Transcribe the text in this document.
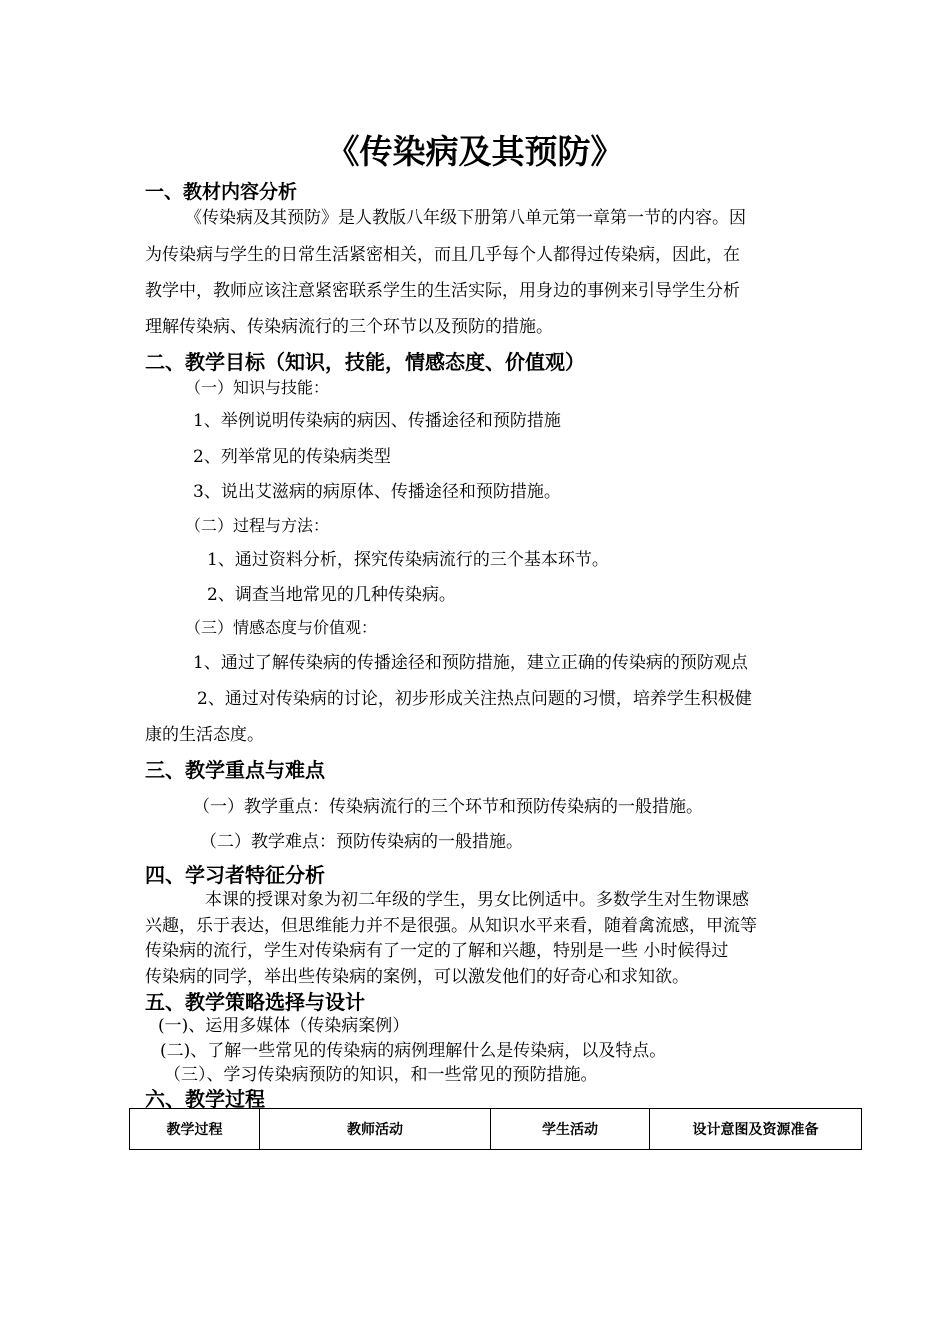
《传染病及其预防》
一、教材内容分析
《传染病及其预防》是人教版八年级下册第八单元第一章第一节的内容。因
为传染病与学生的日常生活紧密相关，而且几乎每个人都得过传染病，因此，在
教学中，教师应该注意紧密联系学生的生活实际，用身边的事例来引导学生分析
理解传染病、传染病流行的三个环节以及预防的措施。
二、教学目标（知识，技能，情感态度、价值观）
（一）知识与技能：
1、举例说明传染病的病因、传播途径和预防措施
2、列举常见的传染病类型
3、说出艾滋病的病原体、传播途径和预防措施。
（二）过程与方法：
1、通过资料分析，探究传染病流行的三个基本环节。
2、调查当地常见的几种传染病。
（三）情感态度与价值观：
1、通过了解传染病的传播途径和预防措施，建立正确的传染病的预防观点
2、通过对传染病的讨论，初步形成关注热点问题的习惯，培养学生积极健
康的生活态度。
三、教学重点与难点
（一）教学重点：传染病流行的三个环节和预防传染病的一般措施。
（二）教学难点：预防传染病的一般措施。
四、学习者特征分析
本课的授课对象为初二年级的学生，男女比例适中。多数学生对生物课感
兴趣，乐于表达，但思维能力并不是很强。从知识水平来看，随着禽流感，甲流等
传染病的流行，学生对传染病有了一定的了解和兴趣，特别是一些 小时候得过
传染病的同学，举出些传染病的案例，可以激发他们的好奇心和求知欲。
五、教学策略选择与设计
(一)、运用多媒体（传染病案例）
(二)、了解一些常见的传染病的病例理解什么是传染病，以及特点。
（三）、学习传染病预防的知识，和一些常见的预防措施。
六、教学过程
教学过程	教师活动	学生活动	设计意图及资源准备
